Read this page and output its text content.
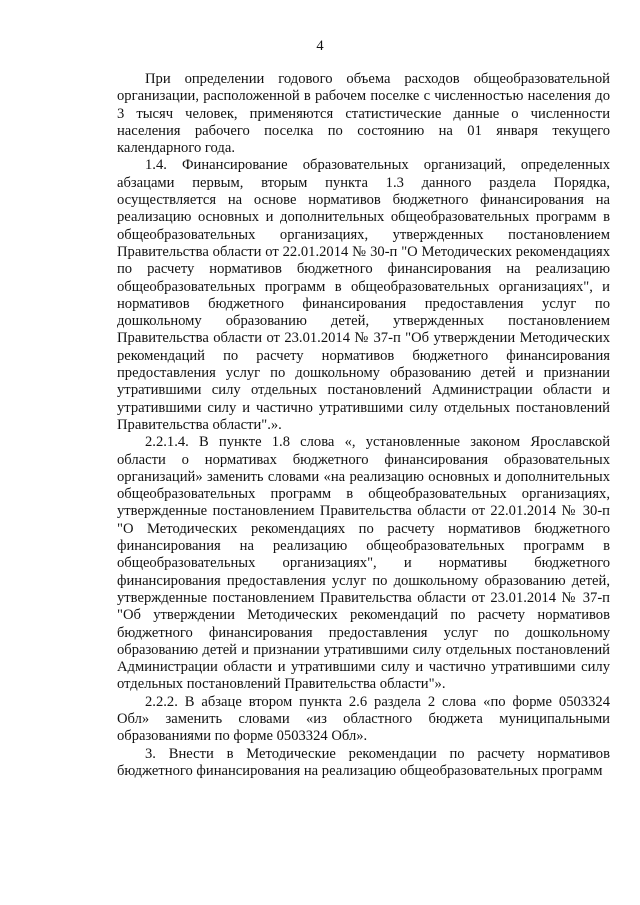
4

При определении годового объема расходов общеобразовательной организации, расположенной в рабочем поселке с численностью населения до 3 тысяч человек, применяются статистические данные о численности населения рабочего поселка по состоянию на 01 января текущего календарного года.

1.4. Финансирование образовательных организаций, определенных абзацами первым, вторым пункта 1.3 данного раздела Порядка, осуществляется на основе нормативов бюджетного финансирования на реализацию основных и дополнительных общеобразовательных программ в общеобразовательных организациях, утвержденных постановлением Правительства области от 22.01.2014 № 30-п "О Методических рекомендациях по расчету нормативов бюджетного финансирования на реализацию общеобразовательных программ в общеобразовательных организациях", и нормативов бюджетного финансирования предоставления услуг по дошкольному образованию детей, утвержденных постановлением Правительства области от 23.01.2014 № 37-п "Об утверждении Методических рекомендаций по расчету нормативов бюджетного финансирования предоставления услуг по дошкольному образованию детей и признании утратившими силу отдельных постановлений Администрации области и утратившими силу и частично утратившими силу отдельных постановлений Правительства области".».

2.2.1.4. В пункте 1.8 слова «, установленные законом Ярославской области о нормативах бюджетного финансирования образовательных организаций» заменить словами «на реализацию основных и дополнительных общеобразовательных программ в общеобразовательных организациях, утвержденные постановлением Правительства области от 22.01.2014 № 30-п "О Методических рекомендациях по расчету нормативов бюджетного финансирования на реализацию общеобразовательных программ в общеобразовательных организациях", и нормативы бюджетного финансирования предоставления услуг по дошкольному образованию детей, утвержденные постановлением Правительства области от 23.01.2014 № 37-п "Об утверждении Методических рекомендаций по расчету нормативов бюджетного финансирования предоставления услуг по дошкольному образованию детей и признании утратившими силу отдельных постановлений Администрации области и утратившими силу и частично утратившими силу отдельных постановлений Правительства области"».

2.2.2. В абзаце втором пункта 2.6 раздела 2 слова «по форме 0503324 Обл» заменить словами «из областного бюджета муниципальными образованиями по форме 0503324 Обл».

3. Внести в Методические рекомендации по расчету нормативов бюджетного финансирования на реализацию общеобразовательных программ
